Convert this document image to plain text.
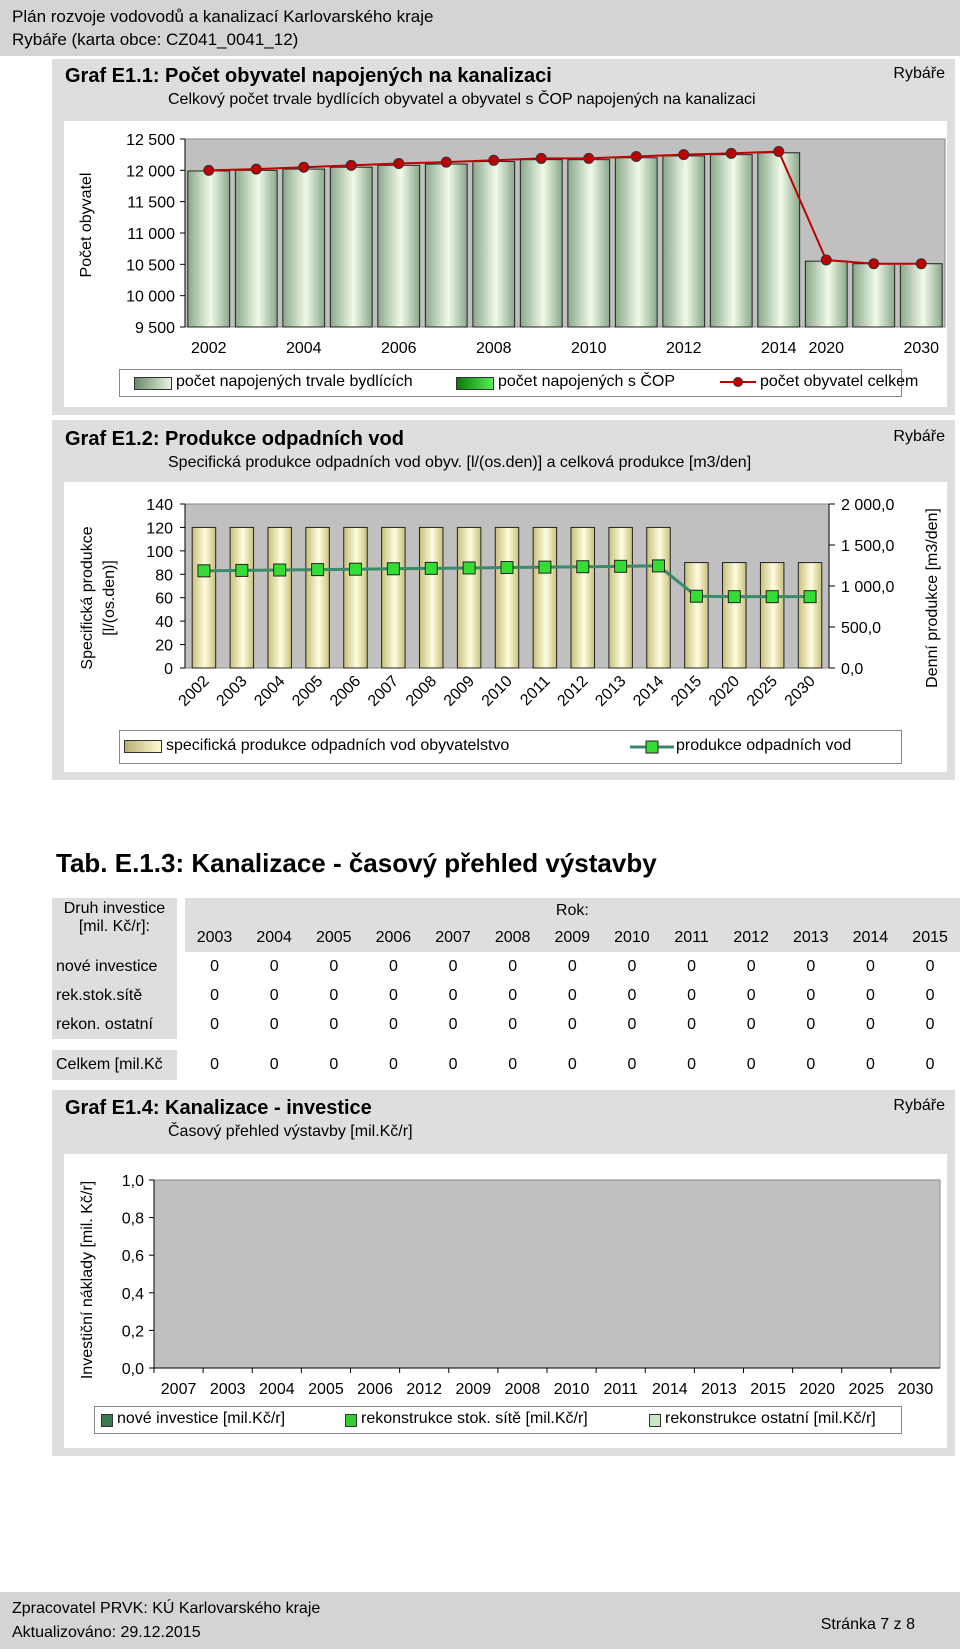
Plán rozvoje vodovodů a kanalizací Karlovarského kraje
Rybáře (karta obce: CZ041_0041_12)
Graf E1.1: Počet obyvatel napojených na kanalizaci
Celkový počet trvale bydlících obyvatel a obyvatel s ČOP napojených na kanalizaci
Rybáře
12 500
12 000
11 500
11 000
10 500
10 000
9 500
Počet obyvatel
2002	2004	2006	2008	2010	2012	2014 2020	2030
počet napojených trvale bydlících	počet napojených s ČOP	počet obyvatel celkem
Graf E1.2: Produkce odpadních vod
Specifická produkce odpadních vod obyv. [l/(os.den)] a celková produkce [m3/den]
Rybáře
140
120
100
80
60
40
20
0
2 000,0
1 500,0
1 000,0
500,0
0,0
Specifická produkce [l/(os.den)]	Denní produkce [m3/den]
2002 2003 2004 2005 2006 2007 2008 2009 2010 2011 2012 2013 2014 2015 2020 2025 2030
specifická produkce odpadních vod obyvatelstvo	produkce odpadních vod
Tab. E.1.3: Kanalizace - časový přehled výstavby
Druh investice
[mil. Kč/r]:		Rok:												
		2003	2004	2005	2006	2007	2008	2009	2010	2011	2012	2013	2014	2015
nové investice		0	0	0	0	0	0	0	0	0	0	0	0	0
rek.stok.sítě		0	0	0	0	0	0	0	0	0	0	0	0	0
rekon. ostatní		0	0	0	0	0	0	0	0	0	0	0	0	0

Celkem [mil.Kč		0	0	0	0	0	0	0	0	0	0	0	0	0
Graf E1.4: Kanalizace - investice
Časový přehled výstavby [mil.Kč/r]
Rybáře
1,0
0,8
0,6
0,4
0,2
0,0
Investiční náklady [mil. Kč/r]
2007 2003 2004 2005 2006 2012 2009 2008 2010 2011 2014 2013 2015 2020 2025 2030
nové investice [mil.Kč/r]	rekonstrukce stok. sítě [mil.Kč/r]	rekonstrukce ostatní [mil.Kč/r]
Zpracovatel PRVK: KÚ Karlovarského kraje
Aktualizováno: 29.12.2015	Stránka 7 z 8
